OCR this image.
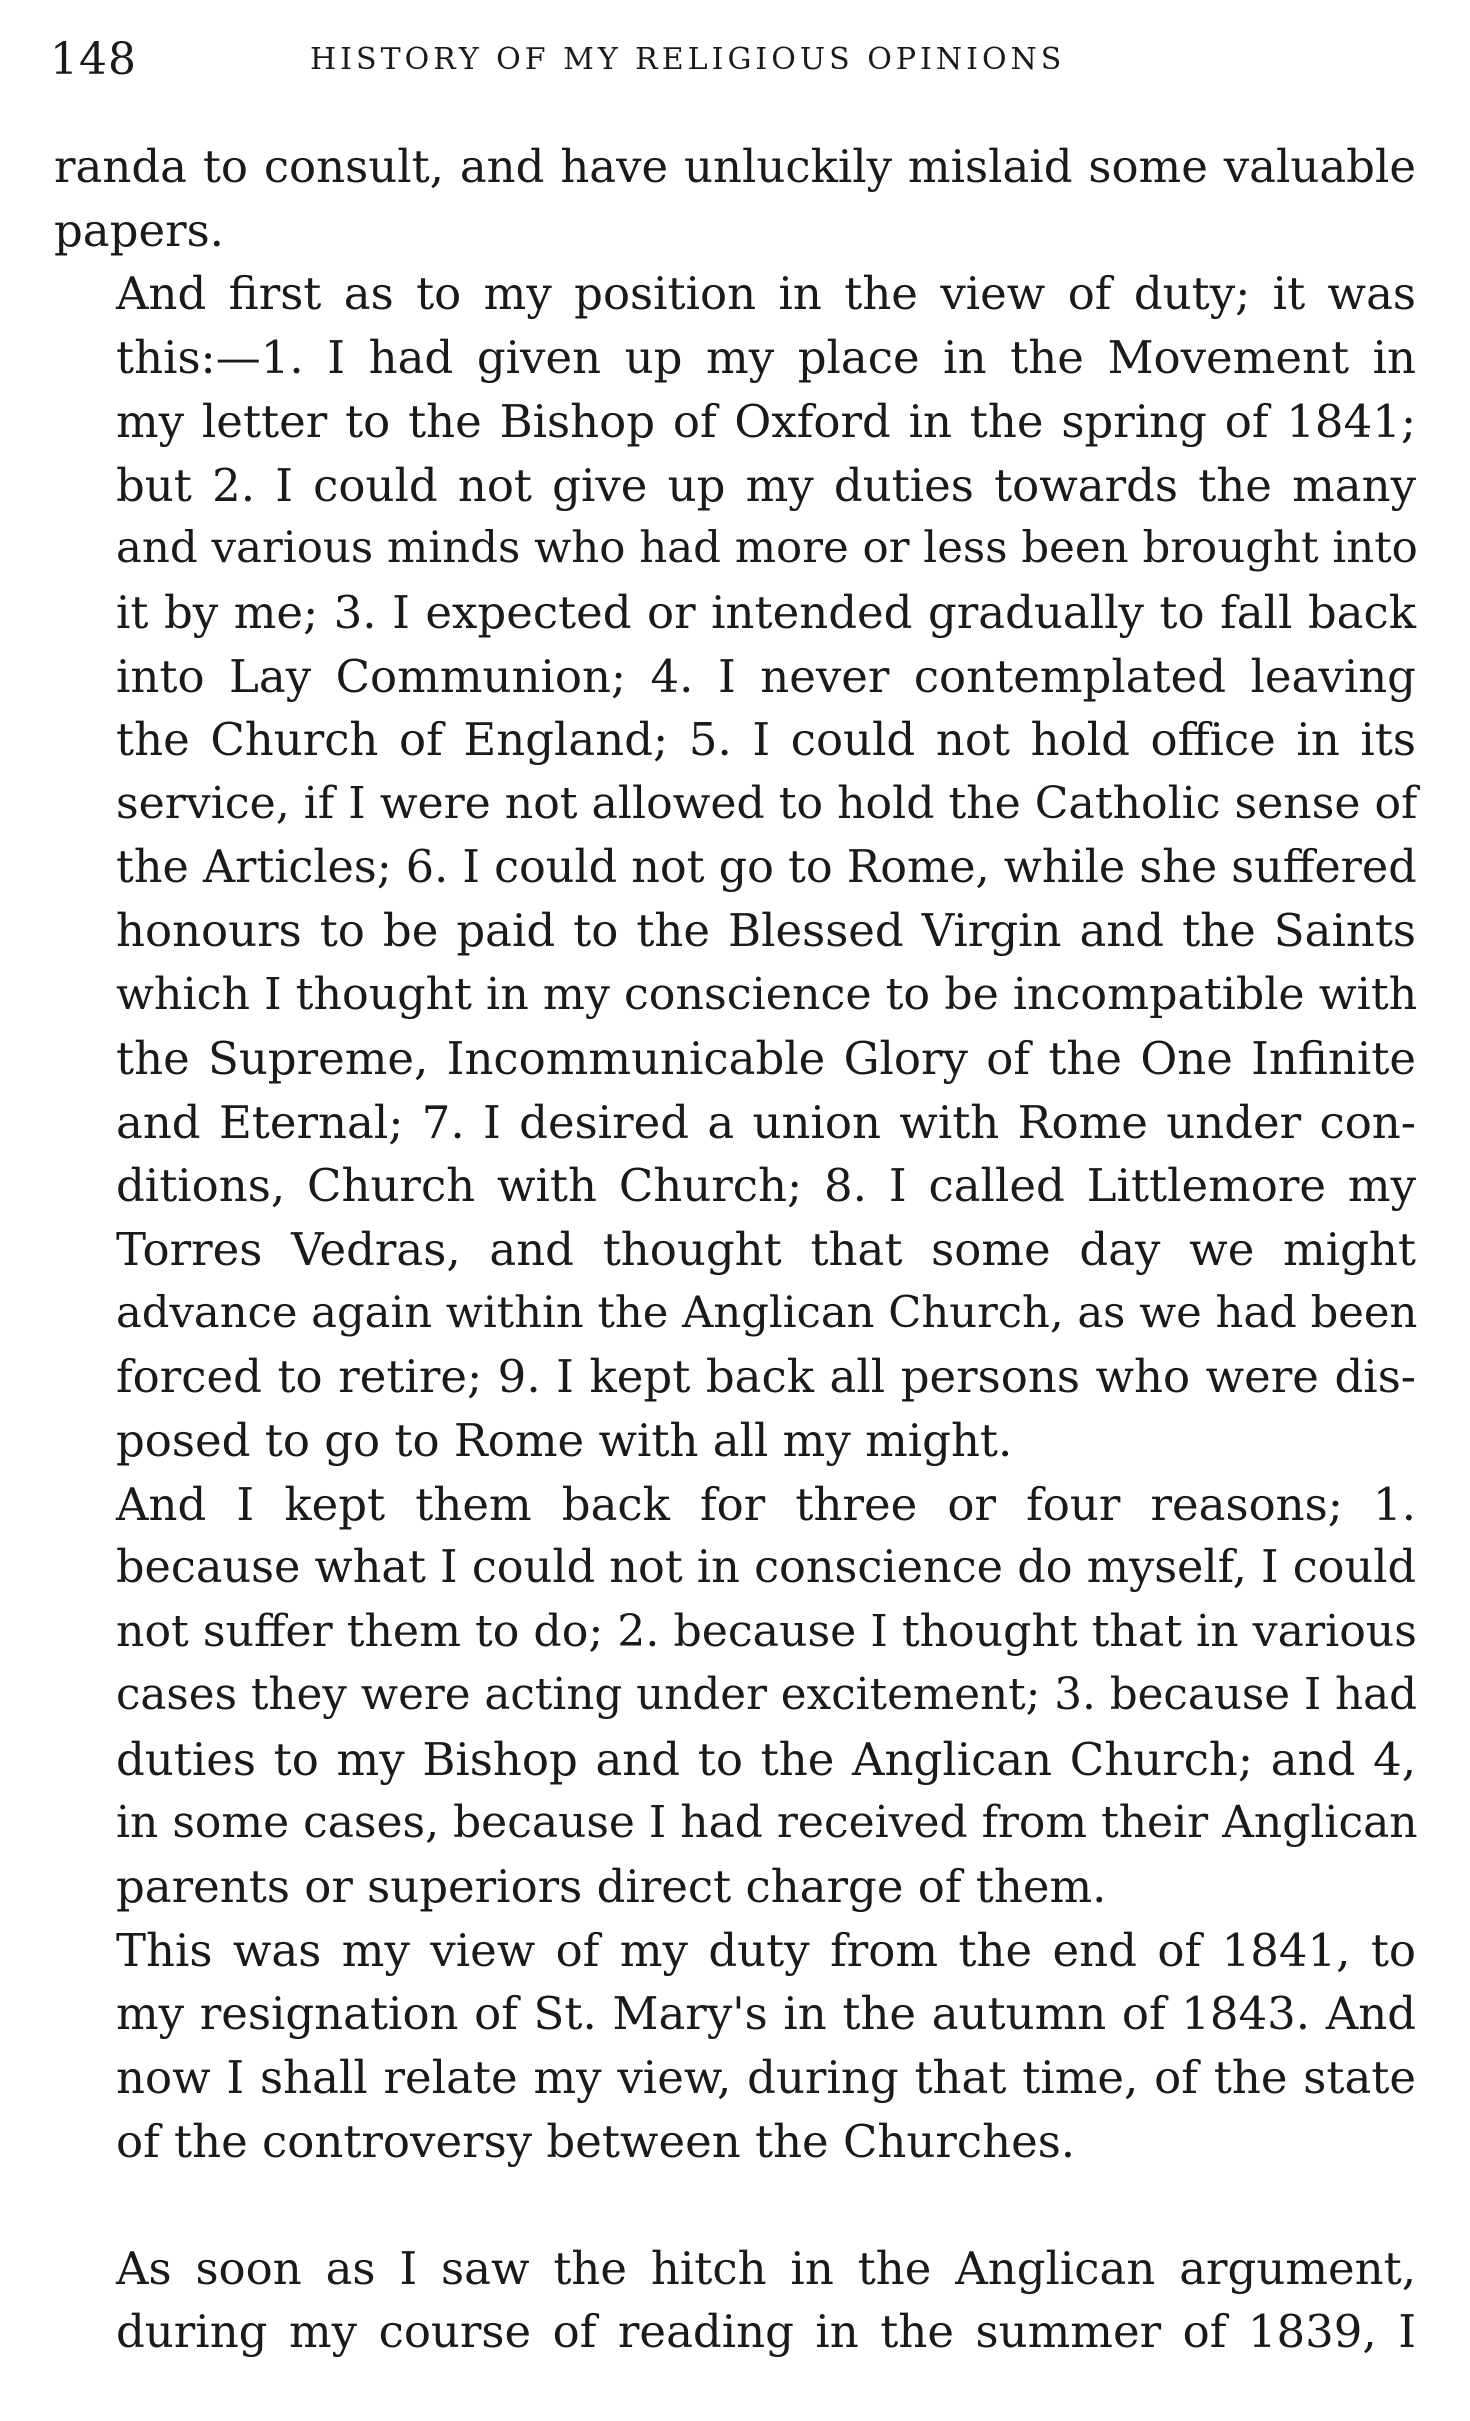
148	HISTORY OF MY RELIGIOUS OPINIONS

randa to consult, and have unluckily mislaid some valuable
papers.

And first as to my position in the view of duty; it was
this:—1. I had given up my place in the Movement in
my letter to the Bishop of Oxford in the spring of 1841;
but 2. I could not give up my duties towards the many
and various minds who had more or less been brought into
it by me; 3. I expected or intended gradually to fall back
into Lay Communion; 4. I never contemplated leaving
the Church of England; 5. I could not hold office in its
service, if I were not allowed to hold the Catholic sense of
the Articles; 6. I could not go to Rome, while she suffered
honours to be paid to the Blessed Virgin and the Saints
which I thought in my conscience to be incompatible with
the Supreme, Incommunicable Glory of the One Infinite
and Eternal; 7. I desired a union with Rome under con-
ditions, Church with Church; 8. I called Littlemore my
Torres Vedras, and thought that some day we might
advance again within the Anglican Church, as we had been
forced to retire; 9. I kept back all persons who were dis-
posed to go to Rome with all my might.

And I kept them back for three or four reasons; 1.
because what I could not in conscience do myself, I could
not suffer them to do; 2. because I thought that in various
cases they were acting under excitement; 3. because I had
duties to my Bishop and to the Anglican Church; and 4,
in some cases, because I had received from their Anglican
parents or superiors direct charge of them.

This was my view of my duty from the end of 1841, to
my resignation of St. Mary's in the autumn of 1843. And
now I shall relate my view, during that time, of the state
of the controversy between the Churches.

As soon as I saw the hitch in the Anglican argument,
during my course of reading in the summer of 1839, I
